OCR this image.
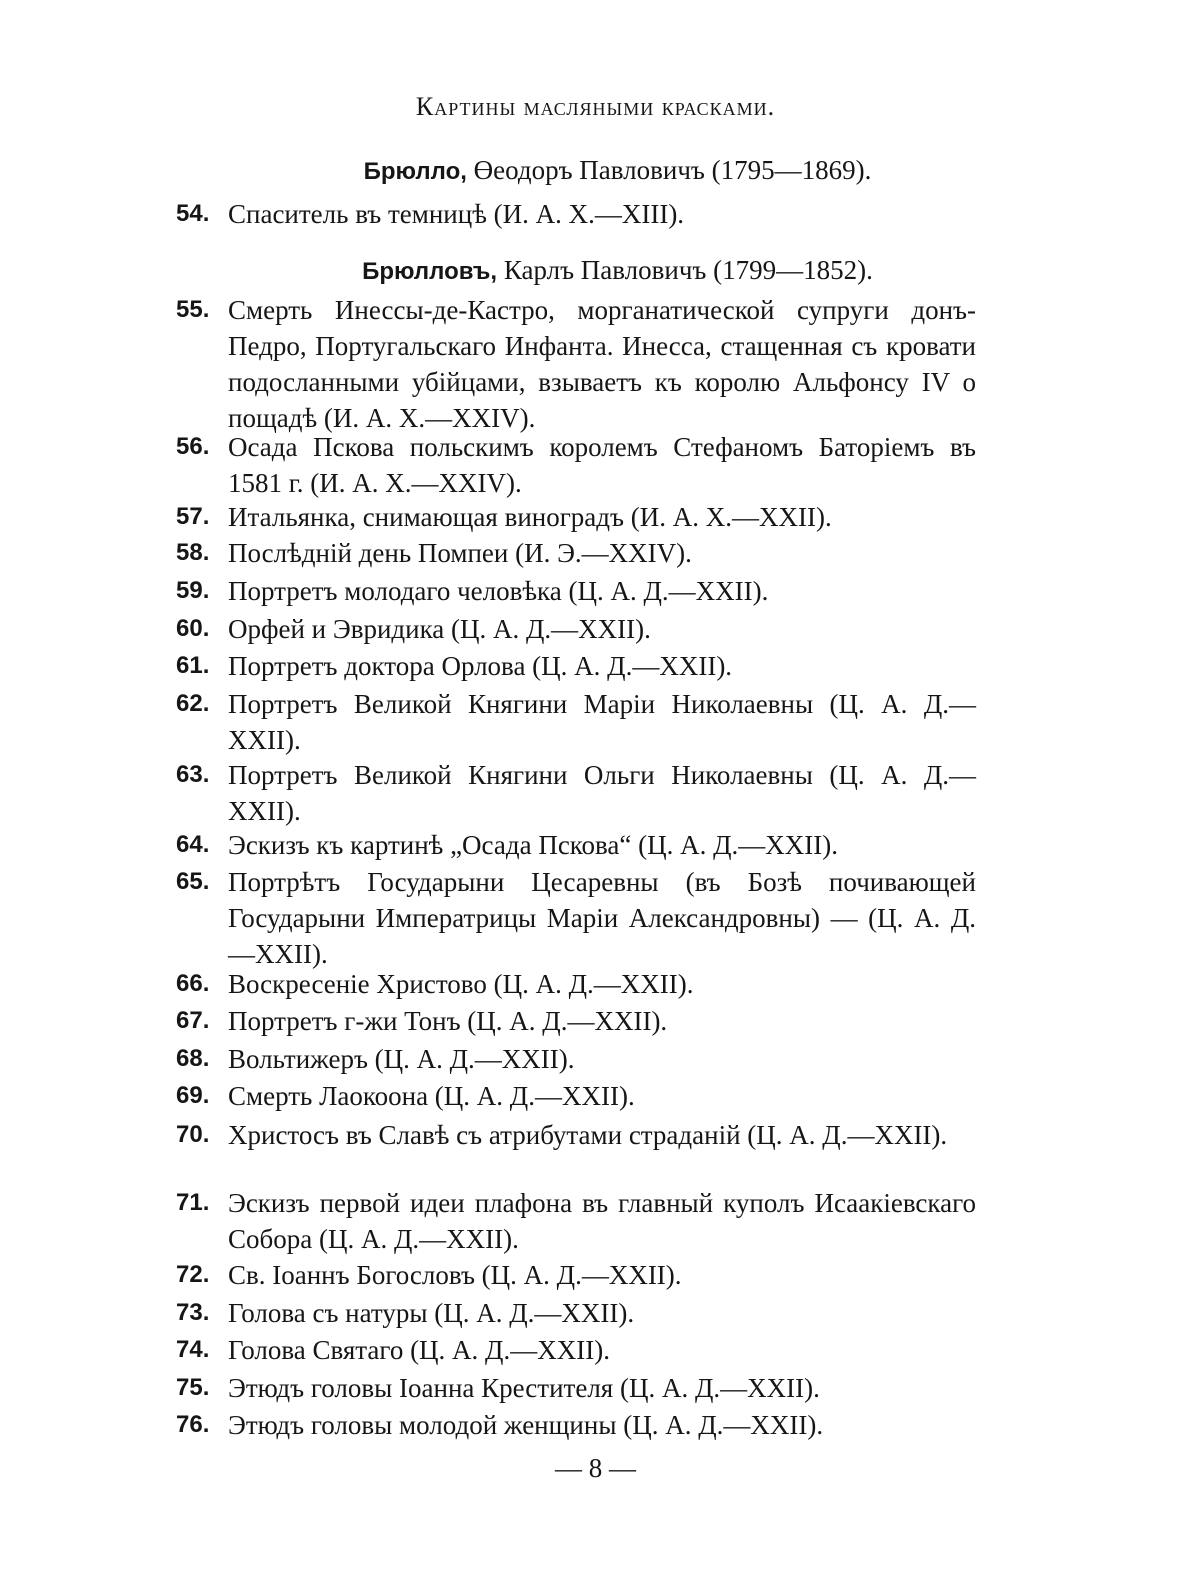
Картины масляными красками.
Брюлло, Өеодоръ Павловичъ (1795—1869).
54. Спаситель въ темницѣ (И. А. X.—XIII).
Брюлловъ, Карлъ Павловичъ (1799—1852).
55. Смерть Инессы-де-Кастро, морганатической супруги донъ-Педро, Португальскаго Инфанта. Инесса, стащенная съ кровати подосланными убійцами, взываетъ къ королю Альфонсу IV о пощадѣ (И. А. X.—XXIV).
56. Осада Пскова польскимъ королемъ Стефаномъ Баторіемъ въ 1581 г. (И. А. X.—XXIV).
57. Итальянка, снимающая виноградъ (И. А. X.—XXII).
58. Послѣдній день Помпеи (И. Э.—XXIV).
59. Портретъ молодаго человѣка (Ц. А. Д.—XXII).
60. Орфей и Эвридика (Ц. А. Д.—XXII).
61. Портретъ доктора Орлова (Ц. А. Д.—XXII).
62. Портретъ Великой Княгини Маріи Николаевны (Ц. А. Д.—XXII).
63. Портретъ Великой Княгини Ольги Николаевны (Ц. А. Д.—XXII).
64. Эскизъ къ картинѣ „Осада Пскова“ (Ц. А. Д.—XXII).
65. Портрѣтъ Государыни Цесаревны (въ Бозѣ почивающей Государыни Императрицы Маріи Александровны) — (Ц. А. Д.—XXII).
66. Воскресеніе Христово (Ц. А. Д.—XXII).
67. Портретъ г-жи Тонъ (Ц. А. Д.—XXII).
68. Вольтижеръ (Ц. А. Д.—XXII).
69. Смерть Лаокоона (Ц. А. Д.—XXII).
70. Христосъ въ Славѣ съ атрибутами страданій (Ц. А. Д.—XXII).
71. Эскизъ первой идеи плафона въ главный куполъ Исаакіевскаго Собора (Ц. А. Д.—XXII).
72. Св. Іоаннъ Богословъ (Ц. А. Д.—XXII).
73. Голова съ натуры (Ц. А. Д.—XXII).
74. Голова Святаго (Ц. А. Д.—XXII).
75. Этюдъ головы Іоанна Крестителя (Ц. А. Д.—XXII).
76. Этюдъ головы молодой женщины (Ц. А. Д.—XXII).
— 8 —
